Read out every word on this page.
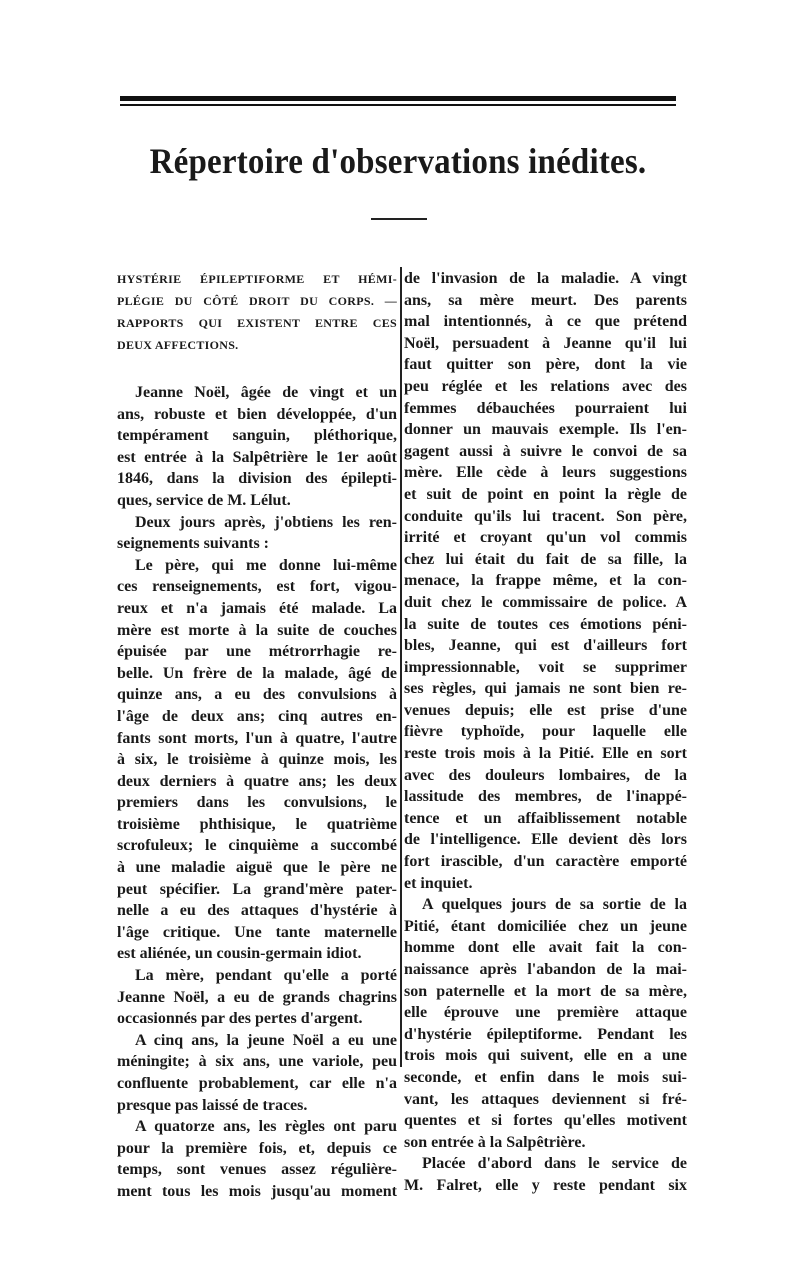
Répertoire d'observations inédites.
HYSTÉRIE ÉPILEPTIFORME ET HÉMI-
PLÉGIE DU CÔTÉ DROIT DU CORPS. —
RAPPORTS QUI EXISTENT ENTRE CES
DEUX AFFECTIONS.
Jeanne Noël, âgée de vingt et un
ans, robuste et bien développée, d'un
tempérament sanguin, pléthorique,
est entrée à la Salpêtrière le 1er août
1846, dans la division des épilepti-
ques, service de M. Lélut.
Deux jours après, j'obtiens les ren-
seignements suivants :
Le père, qui me donne lui-même
ces renseignements, est fort, vigou-
reux et n'a jamais été malade. La
mère est morte à la suite de couches
épuisée par une métrorrhagie re-
belle. Un frère de la malade, âgé de
quinze ans, a eu des convulsions à
l'âge de deux ans; cinq autres en-
fants sont morts, l'un à quatre, l'autre
à six, le troisième à quinze mois, les
deux derniers à quatre ans; les deux
premiers dans les convulsions, le
troisième phthisique, le quatrième
scrofuleux; le cinquième a succombé
à une maladie aiguë que le père ne
peut spécifier. La grand'mère pater-
nelle a eu des attaques d'hystérie à
l'âge critique. Une tante maternelle
est aliénée, un cousin-germain idiot.
La mère, pendant qu'elle a porté
Jeanne Noël, a eu de grands chagrins
occasionnés par des pertes d'argent.
A cinq ans, la jeune Noël a eu une
méningite; à six ans, une variole, peu
confluente probablement, car elle n'a
presque pas laissé de traces.
A quatorze ans, les règles ont paru
pour la première fois, et, depuis ce
temps, sont venues assez régulière-
ment tous les mois jusqu'au moment
de l'invasion de la maladie. A vingt
ans, sa mère meurt. Des parents
mal intentionnés, à ce que prétend
Noël, persuadent à Jeanne qu'il lui
faut quitter son père, dont la vie
peu réglée et les relations avec des
femmes débauchées pourraient lui
donner un mauvais exemple. Ils l'en-
gagent aussi à suivre le convoi de sa
mère. Elle cède à leurs suggestions
et suit de point en point la règle de
conduite qu'ils lui tracent. Son père,
irrité et croyant qu'un vol commis
chez lui était du fait de sa fille, la
menace, la frappe même, et la con-
duit chez le commissaire de police. A
la suite de toutes ces émotions péni-
bles, Jeanne, qui est d'ailleurs fort
impressionnable, voit se supprimer
ses règles, qui jamais ne sont bien re-
venues depuis; elle est prise d'une
fièvre typhoïde, pour laquelle elle
reste trois mois à la Pitié. Elle en sort
avec des douleurs lombaires, de la
lassitude des membres, de l'inappé-
tence et un affaiblissement notable
de l'intelligence. Elle devient dès lors
fort irascible, d'un caractère emporté
et inquiet.
A quelques jours de sa sortie de la
Pitié, étant domiciliée chez un jeune
homme dont elle avait fait la con-
naissance après l'abandon de la mai-
son paternelle et la mort de sa mère,
elle éprouve une première attaque
d'hystérie épileptiforme. Pendant les
trois mois qui suivent, elle en a une
seconde, et enfin dans le mois sui-
vant, les attaques deviennent si fré-
quentes et si fortes qu'elles motivent
son entrée à la Salpêtrière.
Placée d'abord dans le service de
M. Falret, elle y reste pendant six
